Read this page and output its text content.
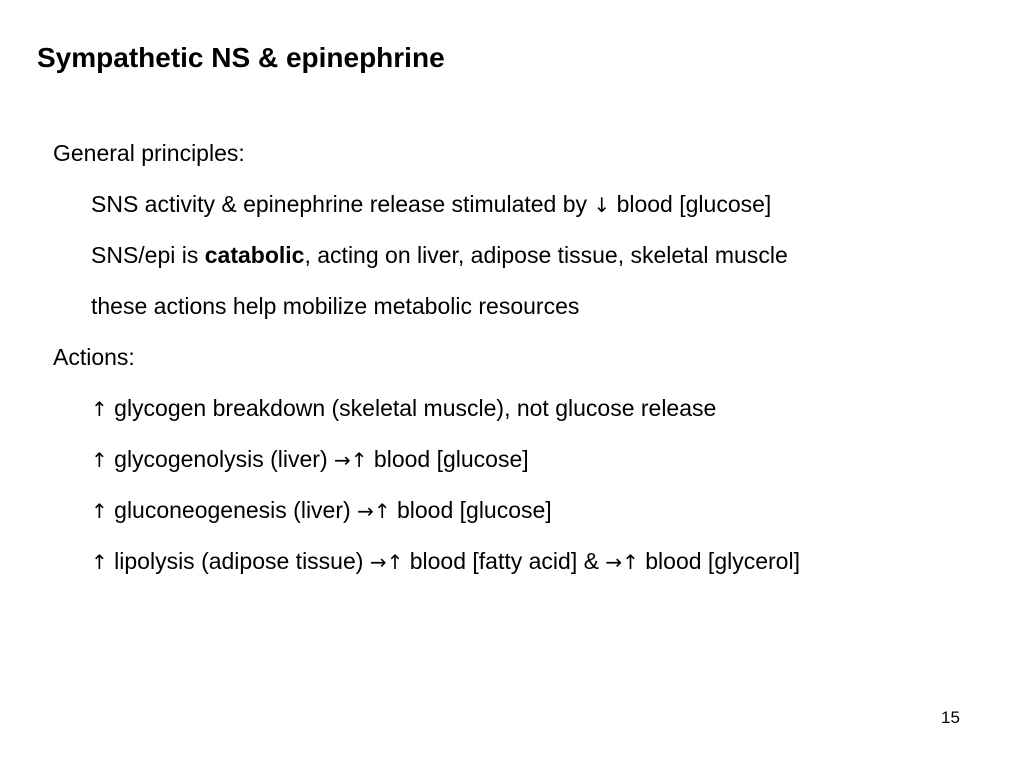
Sympathetic NS & epinephrine
General principles:
SNS activity & epinephrine release stimulated by ↓ blood [glucose]
SNS/epi is catabolic, acting on liver, adipose tissue, skeletal muscle
these actions help mobilize metabolic resources
Actions:
↑ glycogen breakdown (skeletal muscle), not glucose release
↑ glycogenolysis (liver) →↑ blood [glucose]
↑ gluconeogenesis (liver) →↑ blood [glucose]
↑ lipolysis (adipose tissue) →↑ blood [fatty acid] & →↑ blood [glycerol]
15
